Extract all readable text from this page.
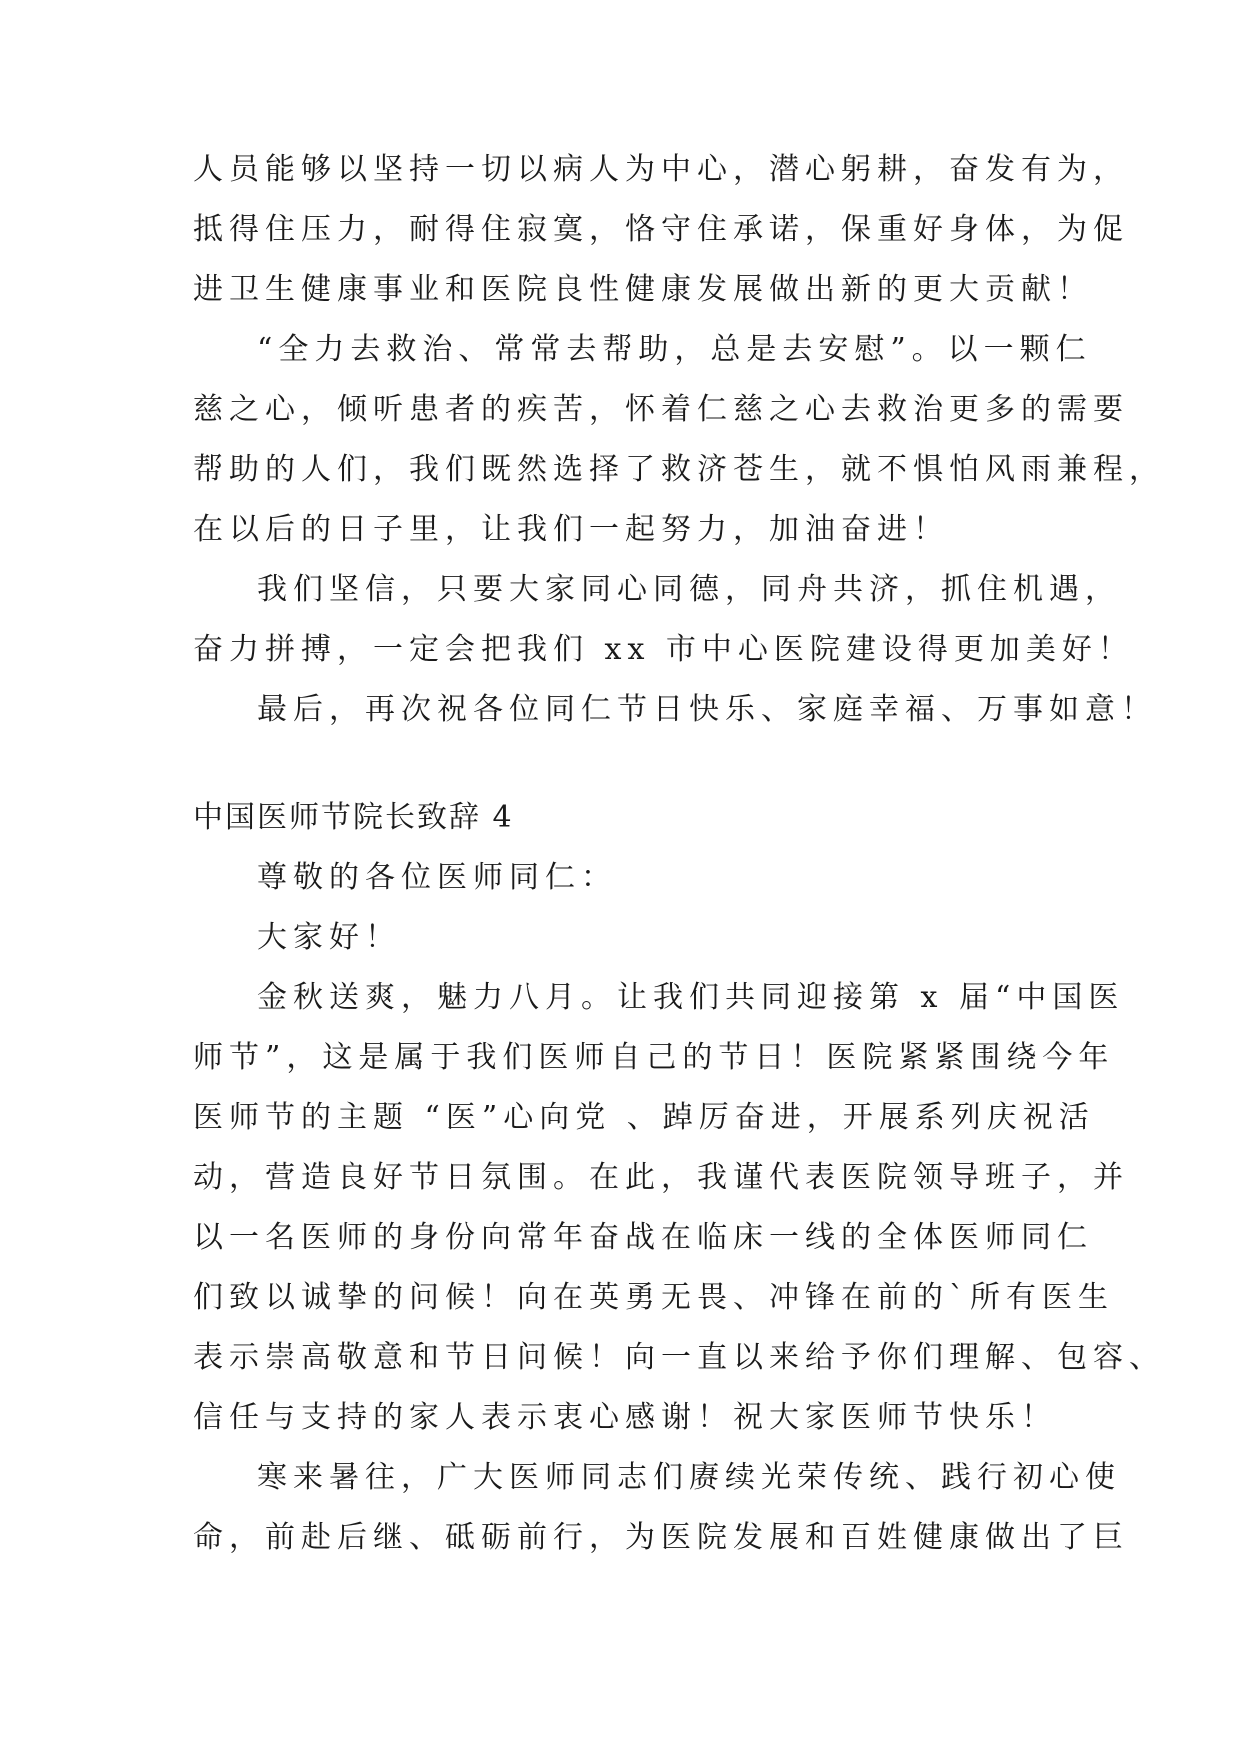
人员能够以坚持一切以病人为中心，潜心躬耕，奋发有为，
抵得住压力，耐得住寂寞，恪守住承诺，保重好身体，为促
进卫生健康事业和医院良性健康发展做出新的更大贡献！
“全力去救治、常常去帮助，总是去安慰”。以一颗仁
慈之心，倾听患者的疾苦，怀着仁慈之心去救治更多的需要
帮助的人们，我们既然选择了救济苍生，就不惧怕风雨兼程，
在以后的日子里，让我们一起努力，加油奋进！
我们坚信，只要大家同心同德，同舟共济，抓住机遇，
奋力拼搏，一定会把我们 xx 市中心医院建设得更加美好！
最后，再次祝各位同仁节日快乐、家庭幸福、万事如意！
中国医师节院长致辞 4
尊敬的各位医师同仁：
大家好！
金秋送爽，魅力八月。让我们共同迎接第 x 届“中国医
师节”，这是属于我们医师自己的节日！医院紧紧围绕今年
医师节的主题 “医”心向党 、踔厉奋进，开展系列庆祝活
动，营造良好节日氛围。在此，我谨代表医院领导班子，并
以一名医师的身份向常年奋战在临床一线的全体医师同仁
们致以诚挚的问候！向在英勇无畏、冲锋在前的`所有医生
表示崇高敬意和节日问候！向一直以来给予你们理解、包容、
信任与支持的家人表示衷心感谢！祝大家医师节快乐！
寒来暑往，广大医师同志们赓续光荣传统、践行初心使
命，前赴后继、砥砺前行，为医院发展和百姓健康做出了巨
